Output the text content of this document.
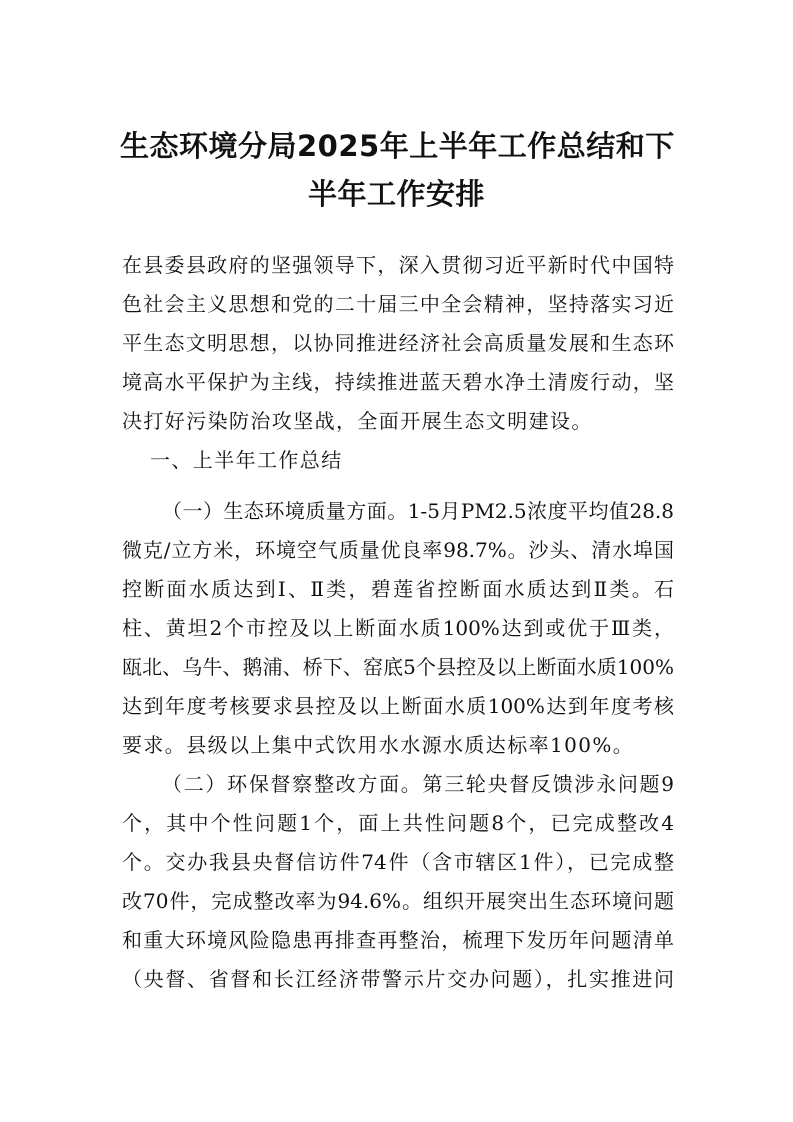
生态环境分局2025年上半年工作总结和下
半年工作安排
在县委县政府的坚强领导下，深入贯彻习近平新时代中国特
色社会主义思想和党的二十届三中全会精神，坚持落实习近
平生态文明思想，以协同推进经济社会高质量发展和生态环
境高水平保护为主线，持续推进蓝天碧水净土清废行动，坚
决打好污染防治攻坚战，全面开展生态文明建设。
一、上半年工作总结
（一）生态环境质量方面。1-5月PM2.5浓度平均值28.8
微克/立方米，环境空气质量优良率98.7%。沙头、清水埠国
控断面水质达到Ⅰ、Ⅱ类，碧莲省控断面水质达到Ⅱ类。石
柱、黄坦2个市控及以上断面水质100%达到或优于Ⅲ类，
瓯北、乌牛、鹅浦、桥下、窑底5个县控及以上断面水质100%
达到年度考核要求县控及以上断面水质100%达到年度考核
要求。县级以上集中式饮用水水源水质达标率100%。
（二）环保督察整改方面。第三轮央督反馈涉永问题9
个，其中个性问题1个，面上共性问题8个，已完成整改4
个。交办我县央督信访件74件（含市辖区1件），已完成整
改70件，完成整改率为94.6%。组织开展突出生态环境问题
和重大环境风险隐患再排查再整治，梳理下发历年问题清单
（央督、省督和长江经济带警示片交办问题），扎实推进问
